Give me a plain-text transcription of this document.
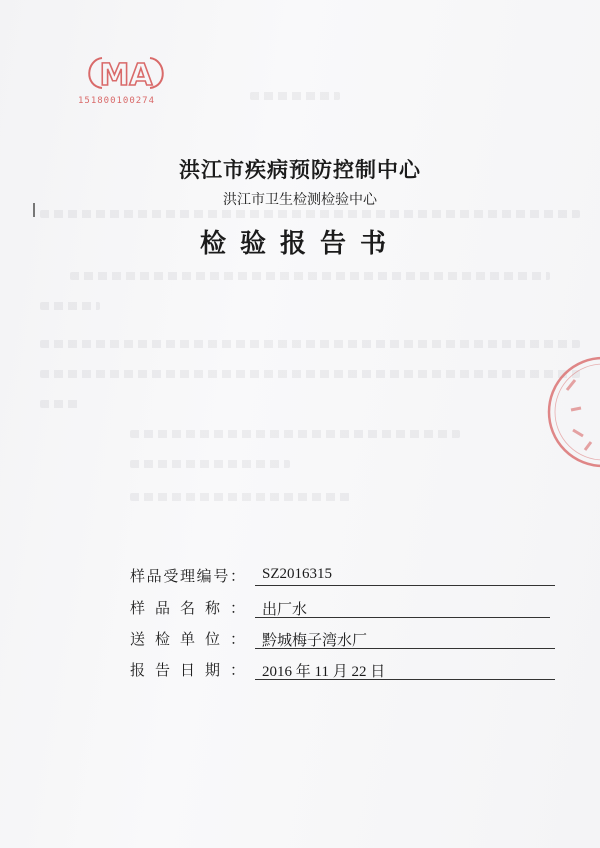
MA
151800100274
洪江市疾病预防控制中心
洪江市卫生检测检验中心
检验报告书
样品受理编号： SZ2016315
样品名称： 出厂水
送检单位： 黔城梅子湾水厂
报告日期： 2016 年 11 月 22 日
